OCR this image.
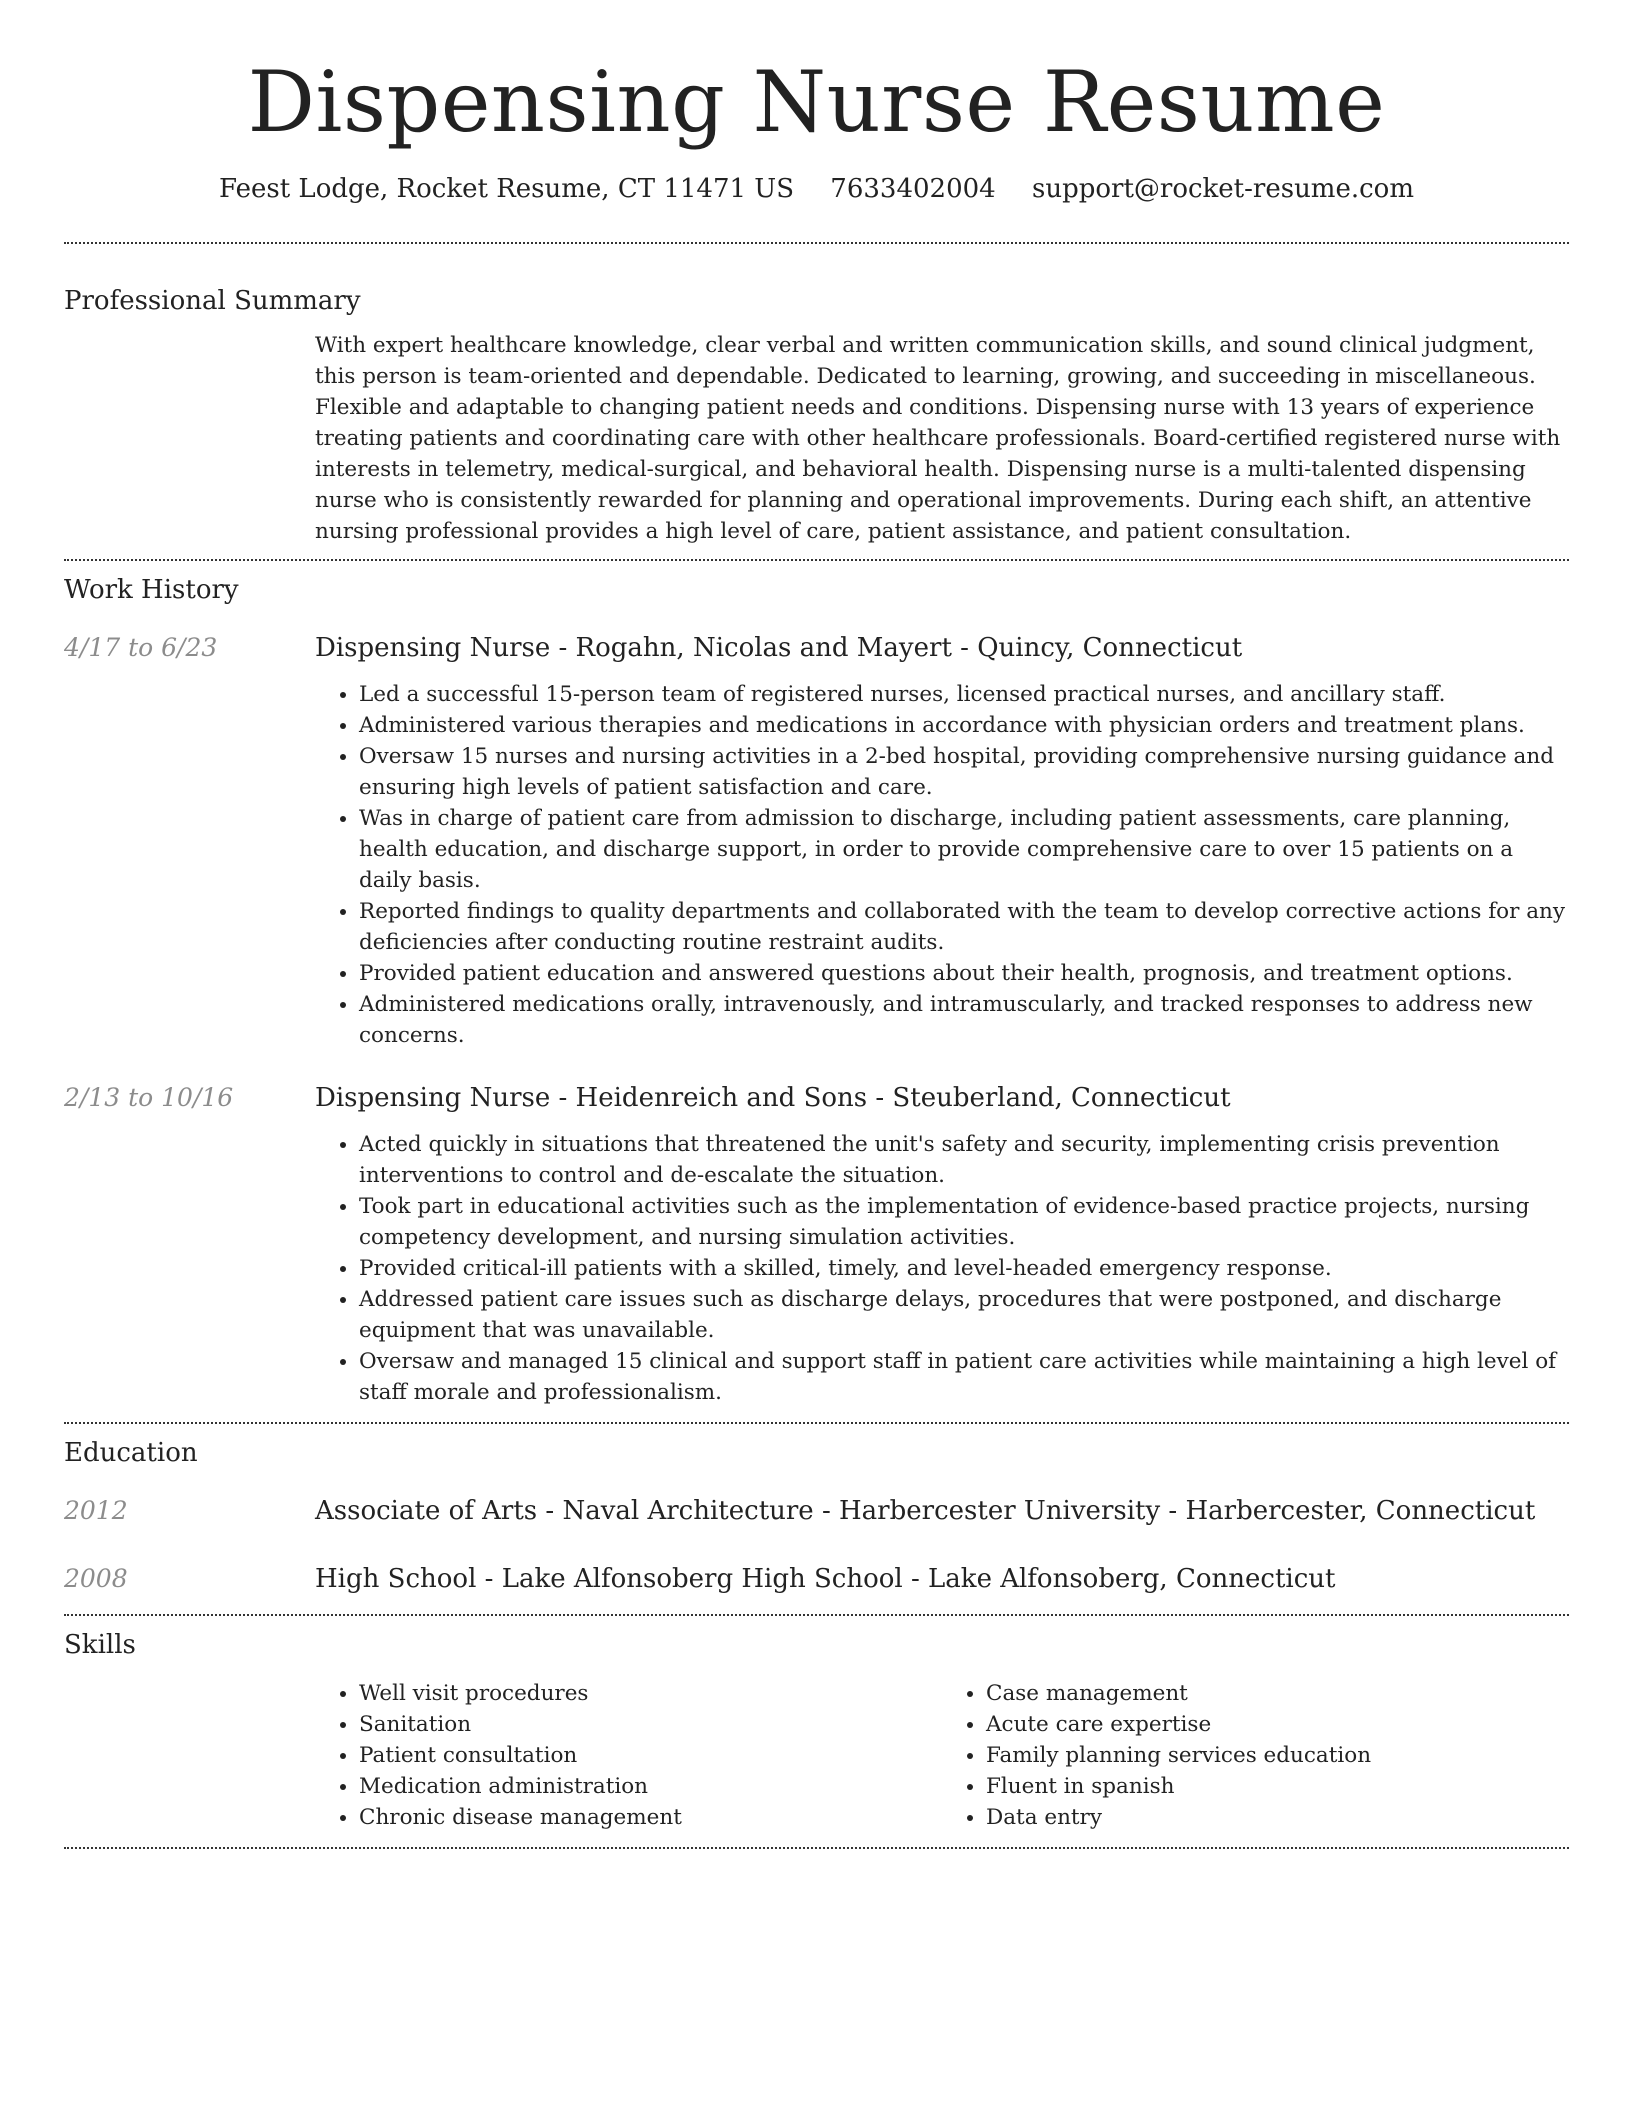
Dispensing Nurse Resume
Feest Lodge, Rocket Resume, CT 11471 US 7633402004 support@rocket-resume.com
Professional Summary
With expert healthcare knowledge, clear verbal and written communication skills, and sound clinical judgment, this person is team-oriented and dependable. Dedicated to learning, growing, and succeeding in miscellaneous. Flexible and adaptable to changing patient needs and conditions. Dispensing nurse with 13 years of experience treating patients and coordinating care with other healthcare professionals. Board-certified registered nurse with interests in telemetry, medical-surgical, and behavioral health. Dispensing nurse is a multi-talented dispensing nurse who is consistently rewarded for planning and operational improvements. During each shift, an attentive nursing professional provides a high level of care, patient assistance, and patient consultation.
Work History
4/17 to 6/23	Dispensing Nurse - Rogahn, Nicolas and Mayert - Quincy, Connecticut
• Led a successful 15-person team of registered nurses, licensed practical nurses, and ancillary staff.
• Administered various therapies and medications in accordance with physician orders and treatment plans.
• Oversaw 15 nurses and nursing activities in a 2-bed hospital, providing comprehensive nursing guidance and ensuring high levels of patient satisfaction and care.
• Was in charge of patient care from admission to discharge, including patient assessments, care planning, health education, and discharge support, in order to provide comprehensive care to over 15 patients on a daily basis.
• Reported findings to quality departments and collaborated with the team to develop corrective actions for any deficiencies after conducting routine restraint audits.
• Provided patient education and answered questions about their health, prognosis, and treatment options.
• Administered medications orally, intravenously, and intramuscularly, and tracked responses to address new concerns.
2/13 to 10/16	Dispensing Nurse - Heidenreich and Sons - Steuberland, Connecticut
• Acted quickly in situations that threatened the unit's safety and security, implementing crisis prevention interventions to control and de-escalate the situation.
• Took part in educational activities such as the implementation of evidence-based practice projects, nursing competency development, and nursing simulation activities.
• Provided critical-ill patients with a skilled, timely, and level-headed emergency response.
• Addressed patient care issues such as discharge delays, procedures that were postponed, and discharge equipment that was unavailable.
• Oversaw and managed 15 clinical and support staff in patient care activities while maintaining a high level of staff morale and professionalism.
Education
2012	Associate of Arts - Naval Architecture - Harbercester University - Harbercester, Connecticut
2008	High School - Lake Alfonsoberg High School - Lake Alfonsoberg, Connecticut
Skills
• Well visit procedures
• Sanitation
• Patient consultation
• Medication administration
• Chronic disease management
• Case management
• Acute care expertise
• Family planning services education
• Fluent in spanish
• Data entry
